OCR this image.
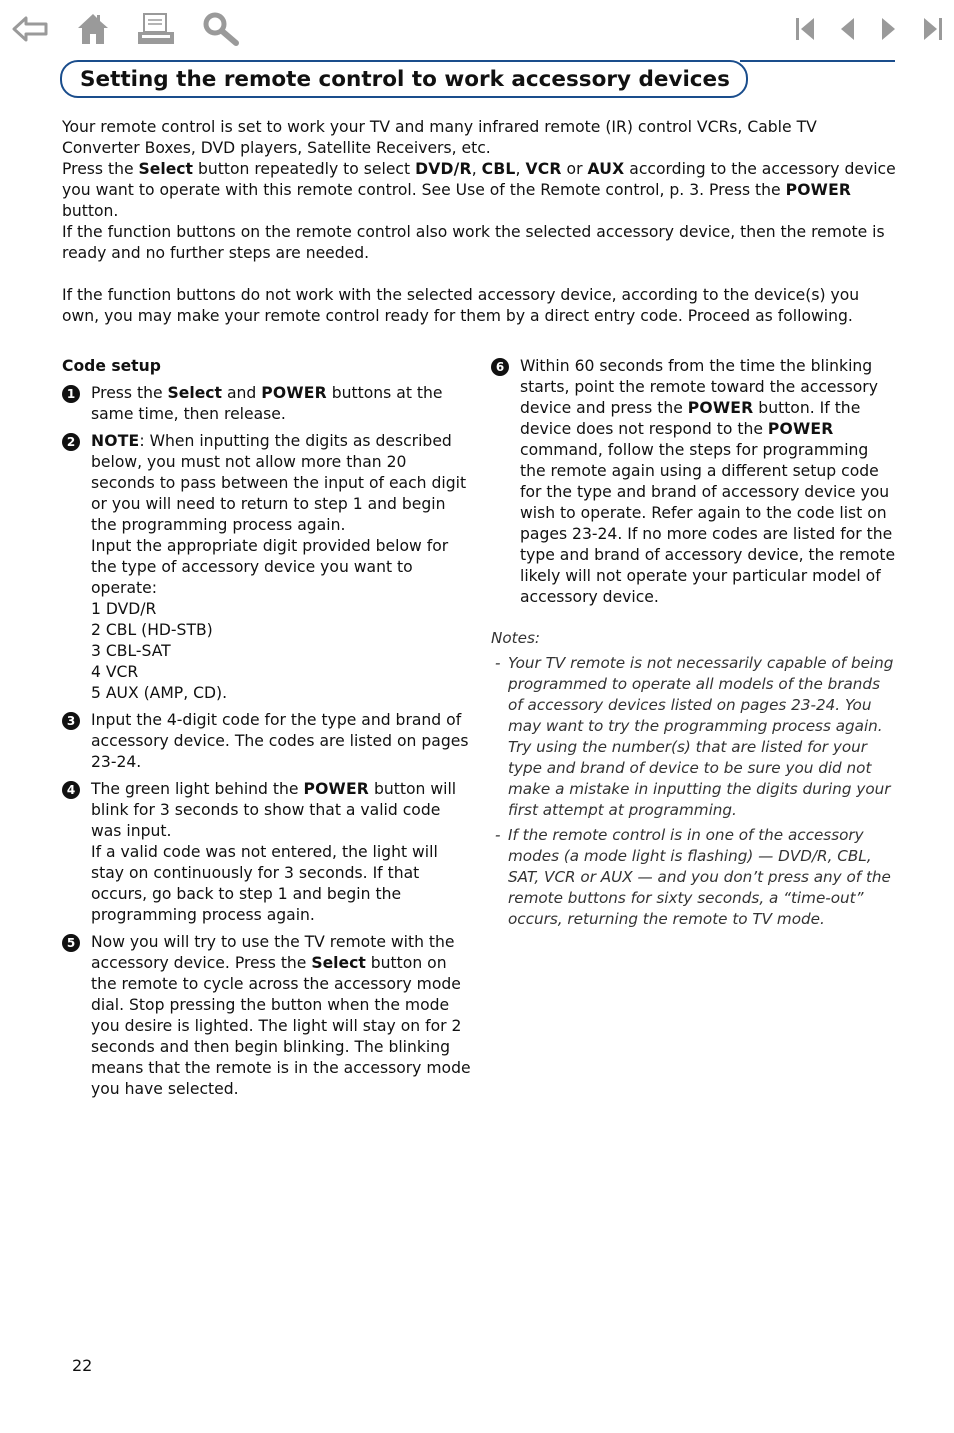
Setting the remote control to work accessory devices

Your remote control is set to work your TV and many infrared remote (IR) control VCRs, Cable TV Converter Boxes, DVD players, Satellite Receivers, etc.

Press the Select button repeatedly to select DVD/R, CBL, VCR or AUX according to the accessory device you want to operate with this remote control. See Use of the Remote control, p. 3. Press the POWER button.

If the function buttons on the remote control also work the selected accessory device, then the remote is ready and no further steps are needed.

If the function buttons do not work with the selected accessory device, according to the device(s) you own, you may make your remote control ready for them by a direct entry code. Proceed as following.

Code setup
1	Press the Select and POWER buttons at the same time, then release.

2	NOTE: When inputting the digits as described below, you must not allow more than 20 seconds to pass between the input of each digit or you will need to return to step 1 and begin the programming process again.

Input the appropriate digit provided below for the type of accessory device you want to operate:

1 DVD/R

2 CBL (HD-STB)

3 CBL-SAT

4 VCR

5 AUX (AMP, CD).

3	Input the 4-digit code for the type and brand of accessory device. The codes are listed on pages 23-24.

4	The green light behind the POWER button will blink for 3 seconds to show that a valid code was input.

If a valid code was not entered, the light will stay on continuously for 3 seconds. If that occurs, go back to step 1 and begin the programming process again.

5	Now you will try to use the TV remote with the accessory device. Press the Select button on the remote to cycle across the accessory mode dial. Stop pressing the button when the mode you desire is lighted. The light will stay on for 2 seconds and then begin blinking. The blinking means that the remote is in the accessory mode you have selected.

6	Within 60 seconds from the time the blinking starts, point the remote toward the accessory device and press the POWER button. If the device does not respond to the POWER command, follow the steps for programming the remote again using a different setup code for the type and brand of accessory device you wish to operate. Refer again to the code list on pages 23-24. If no more codes are listed for the type and brand of accessory device, the remote likely will not operate your particular model of accessory device.

Notes:

- Your TV remote is not necessarily capable of being programmed to operate all models of the brands of accessory devices listed on pages 23-24. You may want to try the programming process again. Try using the number(s) that are listed for your type and brand of device to be sure you did not make a mistake in inputting the digits during your first attempt at programming.

- If the remote control is in one of the accessory modes (a mode light is flashing) — DVD/R, CBL, SAT, VCR or AUX — and you don’t press any of the remote buttons for sixty seconds, a “time-out” occurs, returning the remote to TV mode.

22
